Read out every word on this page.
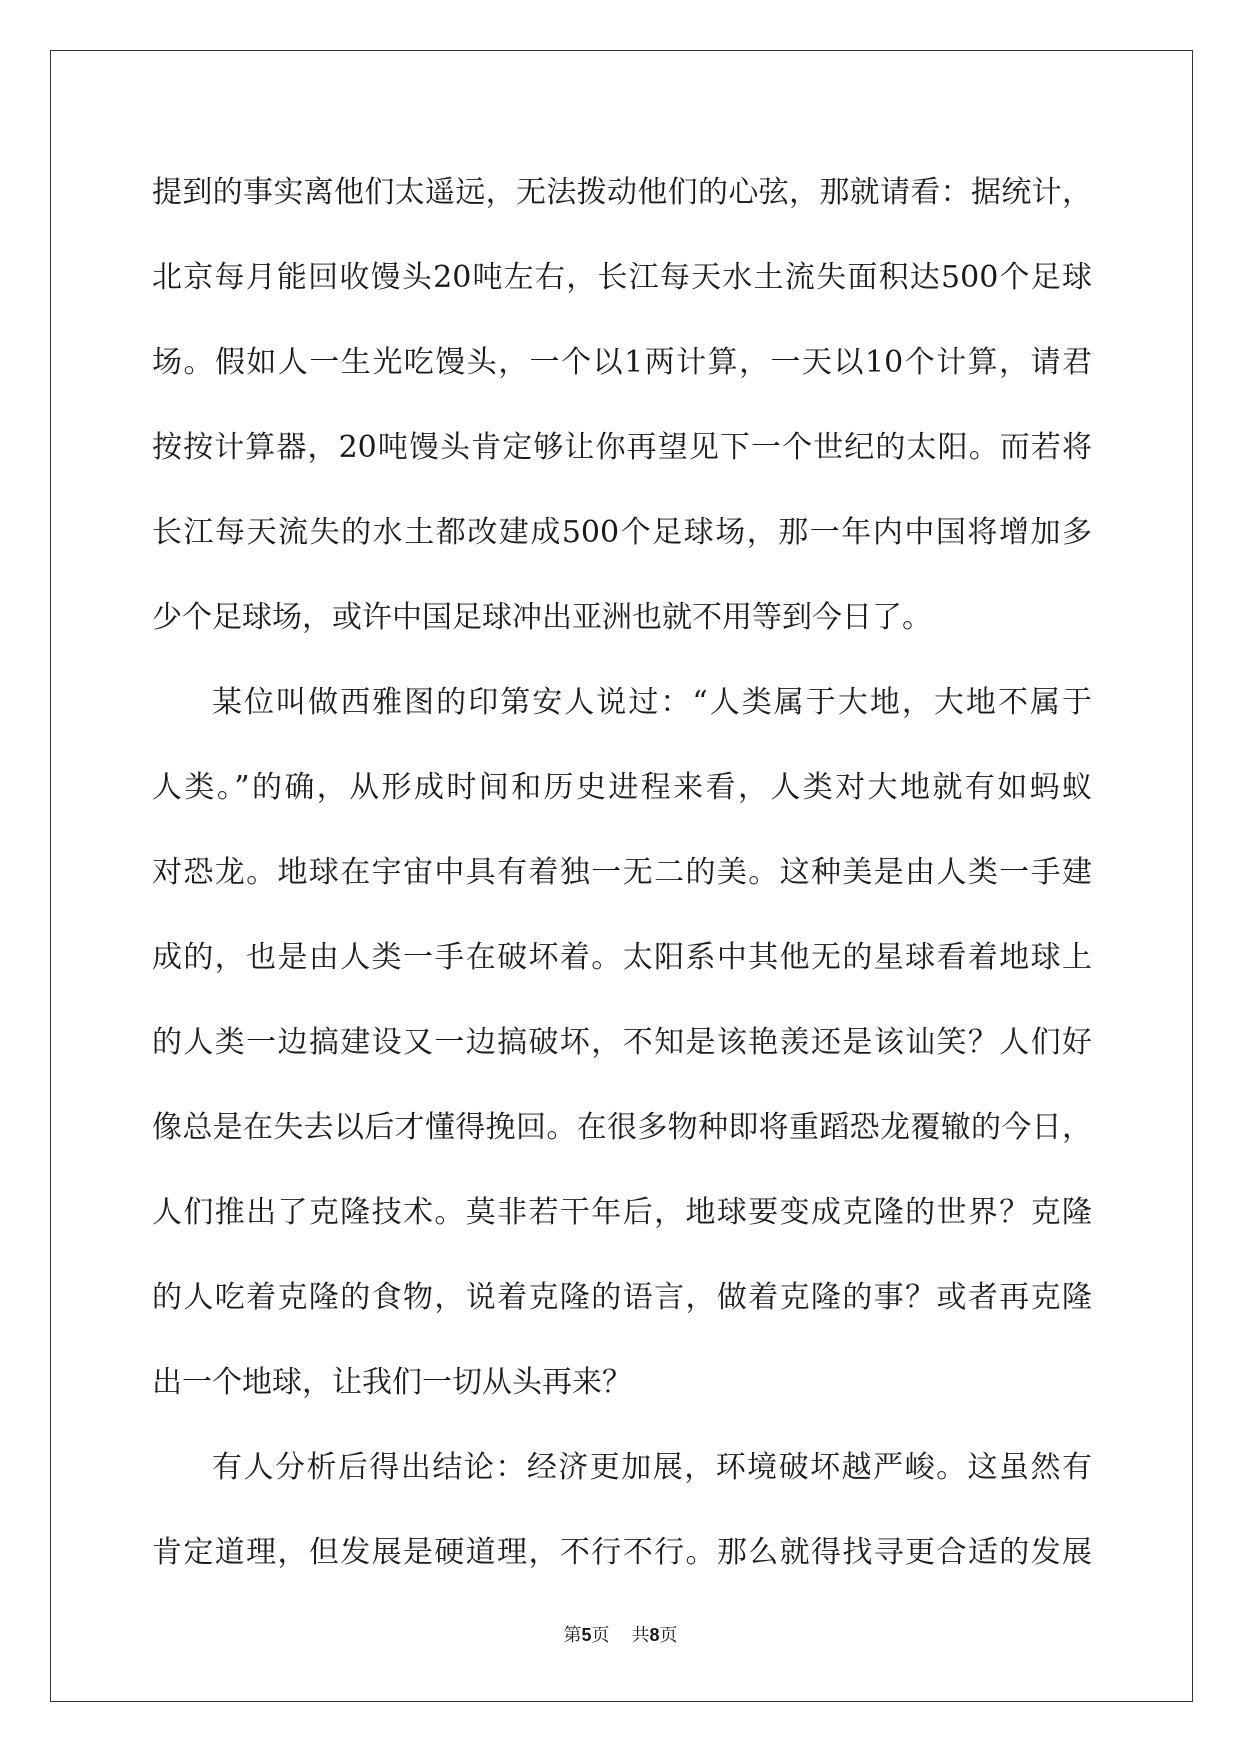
提到的事实离他们太遥远，无法拨动他们的心弦，那就请看：据统计，
北京每月能回收馒头20吨左右，长江每天水土流失面积达500个足球
场。假如人一生光吃馒头，一个以1两计算，一天以10个计算，请君
按按计算器，20吨馒头肯定够让你再望见下一个世纪的太阳。而若将
长江每天流失的水土都改建成500个足球场，那一年内中国将增加多
少个足球场，或许中国足球冲出亚洲也就不用等到今日了。
某位叫做西雅图的印第安人说过：“人类属于大地，大地不属于
人类。”的确，从形成时间和历史进程来看，人类对大地就有如蚂蚁
对恐龙。地球在宇宙中具有着独一无二的美。这种美是由人类一手建
成的，也是由人类一手在破坏着。太阳系中其他无的星球看着地球上
的人类一边搞建设又一边搞破坏，不知是该艳羡还是该讪笑？人们好
像总是在失去以后才懂得挽回。在很多物种即将重蹈恐龙覆辙的今日，
人们推出了克隆技术。莫非若干年后，地球要变成克隆的世界？克隆
的人吃着克隆的食物，说着克隆的语言，做着克隆的事？或者再克隆
出一个地球，让我们一切从头再来？
有人分析后得出结论：经济更加展，环境破坏越严峻。这虽然有
肯定道理，但发展是硬道理，不行不行。那么就得找寻更合适的发展
第5页 共8页
